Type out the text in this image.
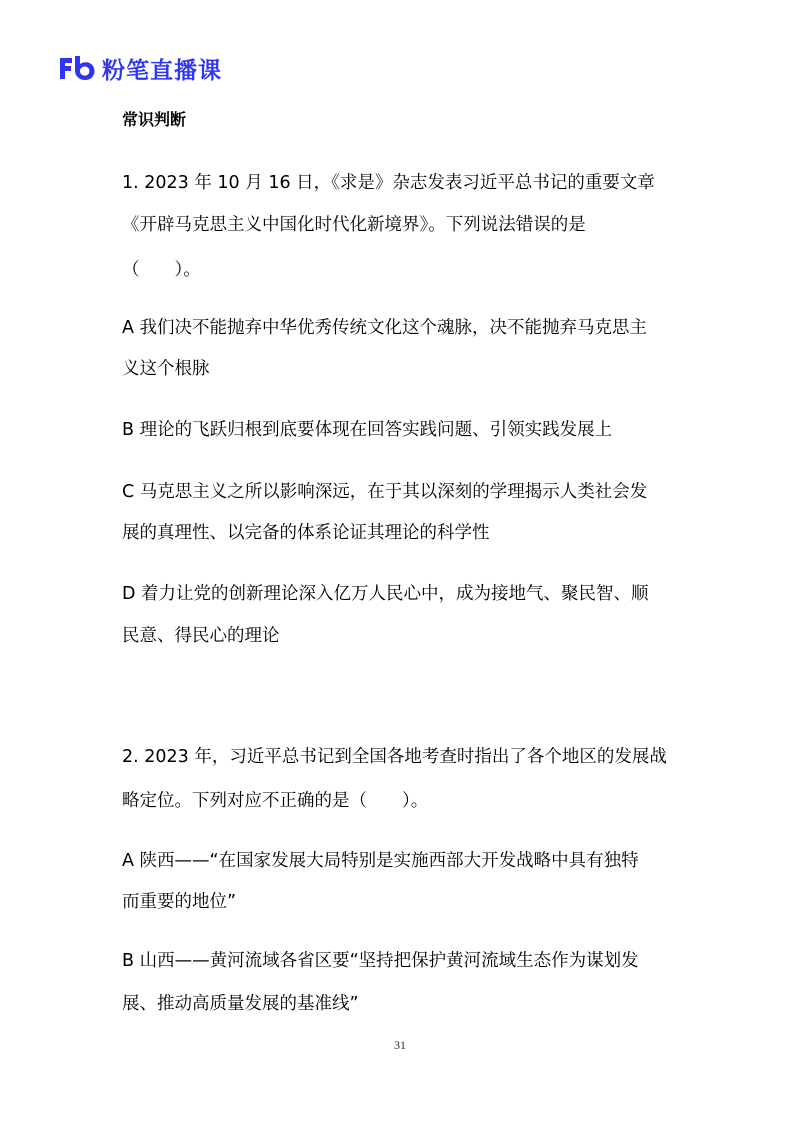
粉笔直播课
常识判断
1. 2023 年 10 月 16 日，《求是》杂志发表习近平总书记的重要文章
《开辟马克思主义中国化时代化新境界》。下列说法错误的是
（　　）。
A 我们决不能抛弃中华优秀传统文化这个魂脉，决不能抛弃马克思主
义这个根脉
B 理论的飞跃归根到底要体现在回答实践问题、引领实践发展上
C 马克思主义之所以影响深远，在于其以深刻的学理揭示人类社会发
展的真理性、以完备的体系论证其理论的科学性
D 着力让党的创新理论深入亿万人民心中，成为接地气、聚民智、顺
民意、得民心的理论
2. 2023 年，习近平总书记到全国各地考查时指出了各个地区的发展战
略定位。下列对应不正确的是（　　）。
A 陕西——“在国家发展大局特别是实施西部大开发战略中具有独特
而重要的地位”
B 山西——黄河流域各省区要“坚持把保护黄河流域生态作为谋划发
展、推动高质量发展的基准线”
31
